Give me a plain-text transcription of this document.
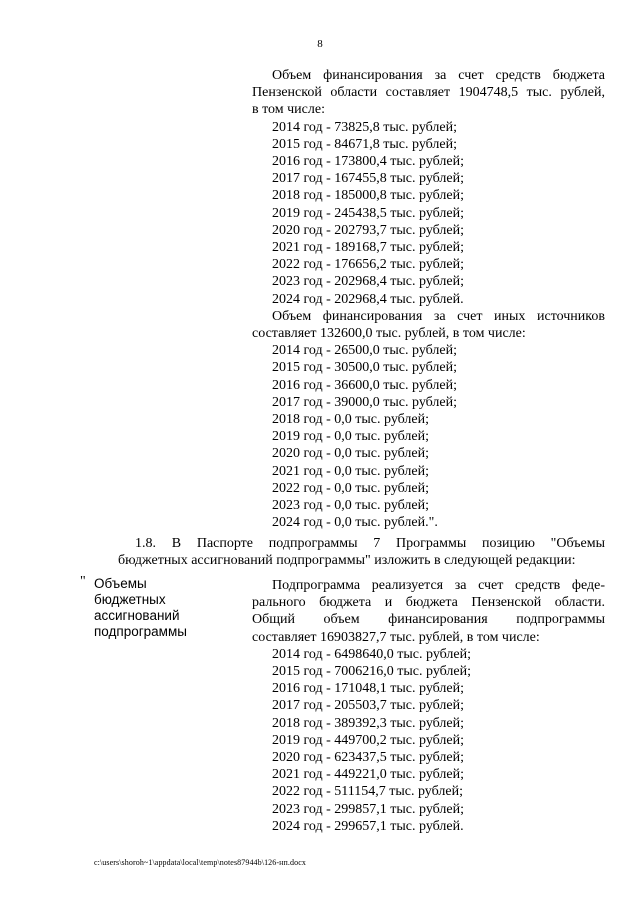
8
Объем финансирования за счет средств бюджета
Пензенской области составляет 1904748,5 тыс. рублей,
в том числе:
2014 год - 73825,8 тыс. рублей;
2015 год - 84671,8 тыс. рублей;
2016 год - 173800,4 тыс. рублей;
2017 год - 167455,8 тыс. рублей;
2018 год - 185000,8 тыс. рублей;
2019 год - 245438,5 тыс. рублей;
2020 год - 202793,7 тыс. рублей;
2021 год - 189168,7 тыс. рублей;
2022 год - 176656,2 тыс. рублей;
2023 год - 202968,4 тыс. рублей;
2024 год - 202968,4 тыс. рублей.
Объем финансирования за счет иных источников
составляет 132600,0 тыс. рублей, в том числе:
2014 год - 26500,0 тыс. рублей;
2015 год - 30500,0 тыс. рублей;
2016 год - 36600,0 тыс. рублей;
2017 год - 39000,0 тыс. рублей;
2018 год - 0,0 тыс. рублей;
2019 год - 0,0 тыс. рублей;
2020 год - 0,0 тыс. рублей;
2021 год - 0,0 тыс. рублей;
2022 год - 0,0 тыс. рублей;
2023 год - 0,0 тыс. рублей;
2024 год - 0,0 тыс. рублей.".
1.8. В Паспорте подпрограммы 7 Программы позицию "Объемы
бюджетных ассигнований подпрограммы" изложить в следующей редакции:
" Объемы
бюджетных
ассигнований
подпрограммы
Подпрограмма реализуется за счет средств феде-
рального бюджета и бюджета Пензенской области.
Общий объем финансирования подпрограммы
составляет 16903827,7 тыс. рублей, в том числе:
2014 год - 6498640,0 тыс. рублей;
2015 год - 7006216,0 тыс. рублей;
2016 год - 171048,1 тыс. рублей;
2017 год - 205503,7 тыс. рублей;
2018 год - 389392,3 тыс. рублей;
2019 год - 449700,2 тыс. рублей;
2020 год - 623437,5 тыс. рублей;
2021 год - 449221,0 тыс. рублей;
2022 год - 511154,7 тыс. рублей;
2023 год - 299857,1 тыс. рублей;
2024 год - 299657,1 тыс. рублей.
c:\users\shoroh~1\appdata\local\temp\notes87944b\126-нп.docx
